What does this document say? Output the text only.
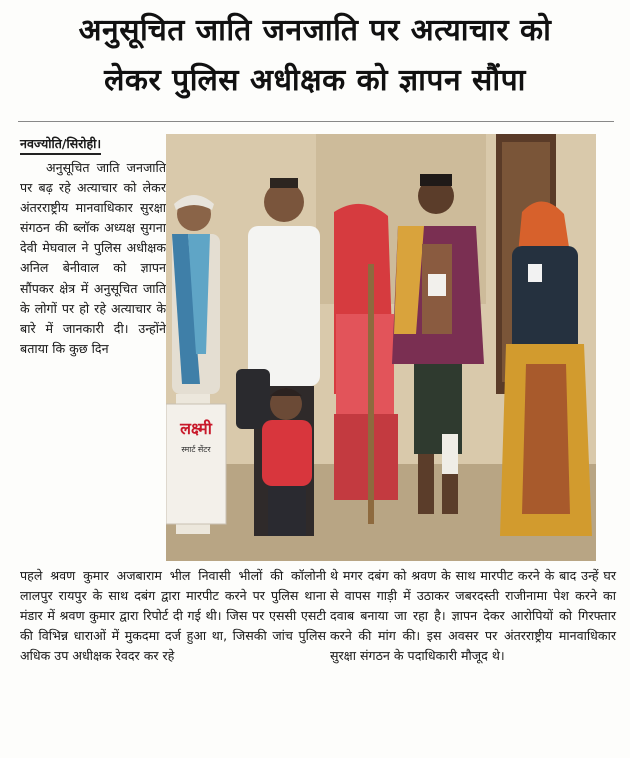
अनुसूचित जाति जनजाति पर अत्याचार को
लेकर पुलिस अधीक्षक को ज्ञापन सौंपा
नवज्योति/सिरोही।
अनुसूचित जाति जनजाति पर बढ़ रहे अत्याचार को लेकर अंतरराष्ट्रीय मानवाधिकार सुरक्षा संगठन की ब्लॉक अध्यक्ष सुगना देवी मेघवाल ने पुलिस अधीक्षक अनिल बेनीवाल को ज्ञापन सौंपकर क्षेत्र में अनुसूचित जाति के लोगों पर हो रहे अत्याचार के बारे में जानकारी दी। उन्होंने बताया कि कुछ दिन
लक्ष्मी
स्मार्ट सेंटर
पहले श्रवण कुमार अजबाराम भील निवासी भीलों की कॉलोनी लालपुर रायपुर के साथ दबंग द्वारा मारपीट करने पर पुलिस थाना मंडार में श्रवण कुमार द्वारा रिपोर्ट दी गई थी। जिस पर एससी एसटी की विभिन्न धाराओं में मुकदमा दर्ज हुआ था, जिसकी जांच पुलिस अधिक उप अधीक्षक रेवदर कर रहे
थे मगर दबंग को श्रवण के साथ मारपीट करने के बाद उन्हें घर से वापस गाड़ी में उठाकर जबरदस्ती राजीनामा पेश करने का दवाब बनाया जा रहा है। ज्ञापन देकर आरोपियों को गिरफ्तार करने की मांग की। इस अवसर पर अंतरराष्ट्रीय मानवाधिकार सुरक्षा संगठन के पदाधिकारी मौजूद थे।
